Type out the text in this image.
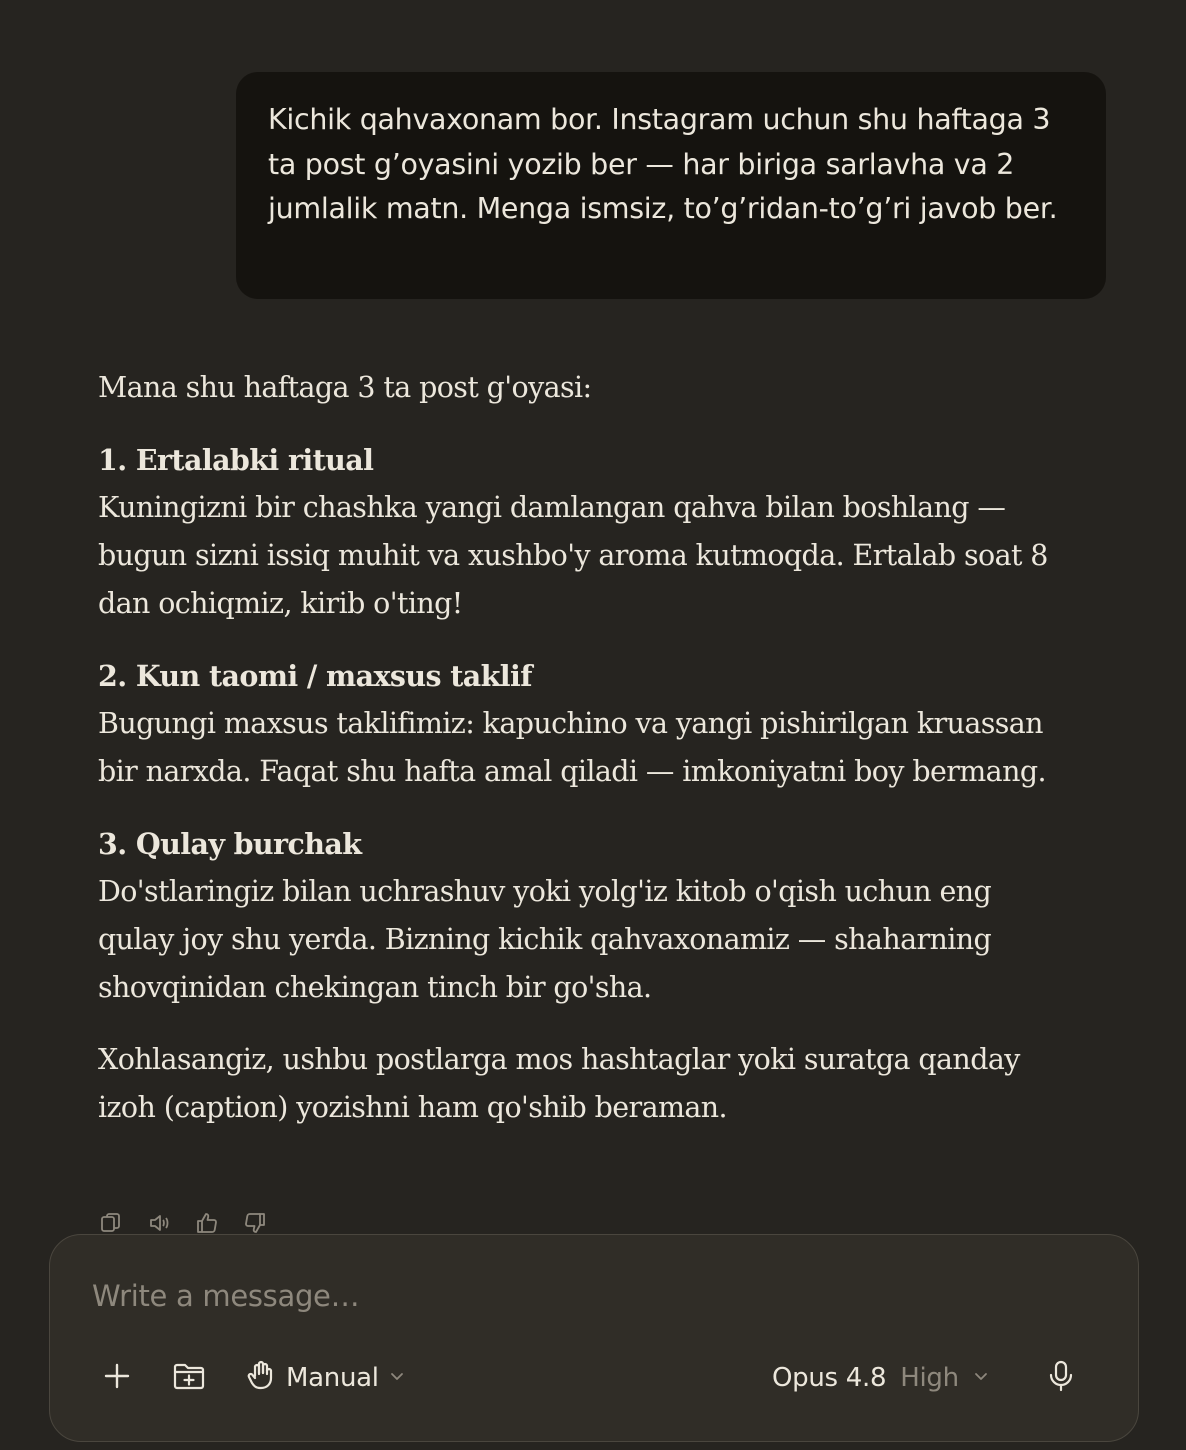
Kichik qahvaxonam bor. Instagram uchun shu haftaga 3 ta post g’oyasini yozib ber — har biriga sarlavha va 2 jumlalik matn. Menga ismsiz, to’g’ridan-to’g’ri javob ber.

Mana shu haftaga 3 ta post g'oyasi:

1. Ertalabki ritual

Kuningizni bir chashka yangi damlangan qahva bilan boshlang — bugun sizni issiq muhit va xushbo'y aroma kutmoqda. Ertalab soat 8 dan ochiqmiz, kirib o'ting!

2. Kun taomi / maxsus taklif

Bugungi maxsus taklifimiz: kapuchino va yangi pishirilgan kruassan bir narxda. Faqat shu hafta amal qiladi — imkoniyatni boy bermang.

3. Qulay burchak

Do'stlaringiz bilan uchrashuv yoki yolg'iz kitob o'qish uchun eng qulay joy shu yerda. Bizning kichik qahvaxonamiz — shaharning shovqinidan chekingan tinch bir go'sha.

Xohlasangiz, ushbu postlarga mos hashtaglar yoki suratga qanday izoh (caption) yozishni ham qo'shib beraman.

Write a message…
Manual	Opus 4.8 High
